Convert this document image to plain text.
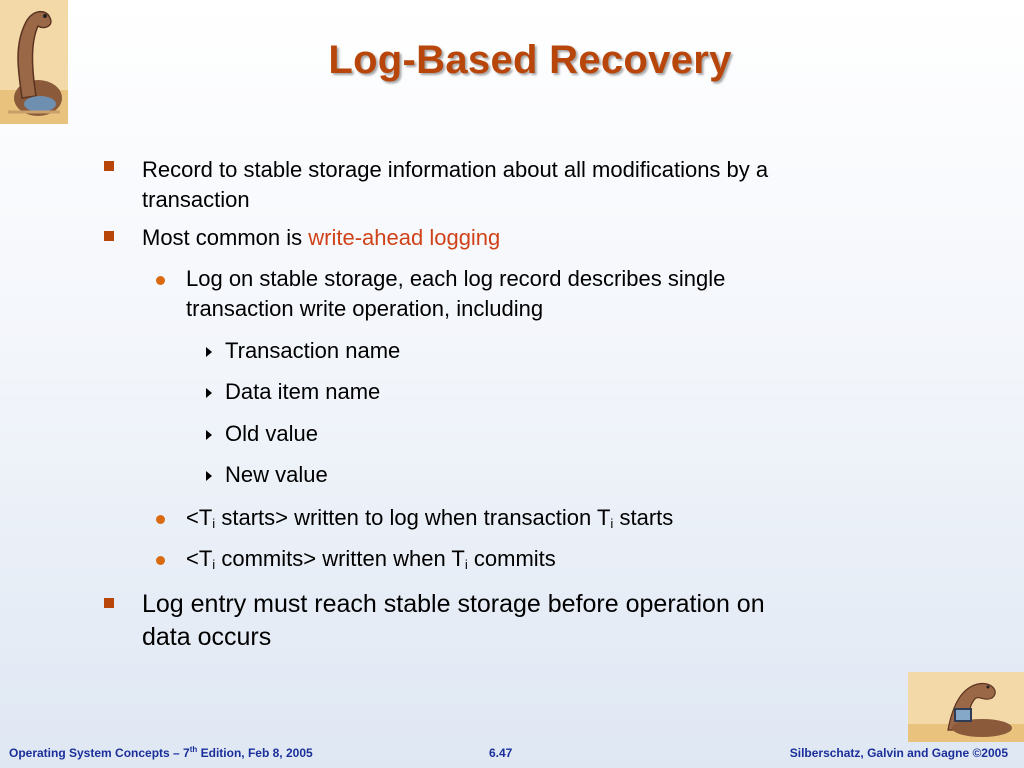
Log-Based Recovery
Record to stable storage information about all modifications by a
transaction
Most common is write-ahead logging
Log on stable storage, each log record describes single
transaction write operation, including
Transaction name
Data item name
Old value
New value
$<T_i$ starts> written to log when transaction $T_i$ starts
$<T_i$ commits> written when $T_i$ commits
Log entry must reach stable storage before operation on
data occurs
Operating System Concepts – 7th Edition, Feb 8, 2005	6.47	Silberschatz, Galvin and Gagne ©2005
